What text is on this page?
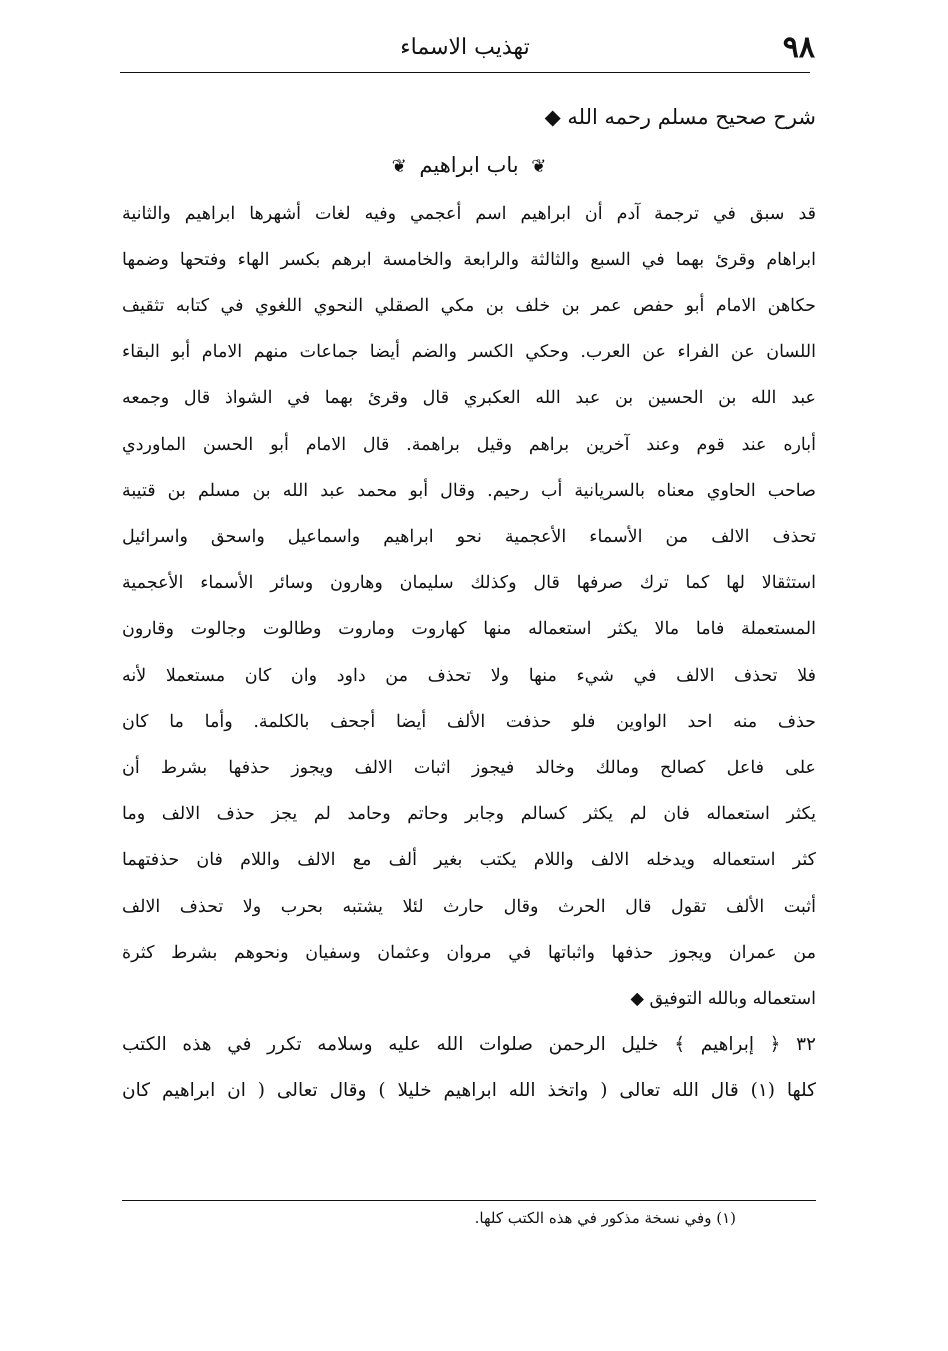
٩٨
تهذيب الاسماء

شرح صحيح مسلم رحمه الله ◆

❦ باب ابراهيم ❦

قد سبق في ترجمة آدم أن ابراهيم اسم أعجمي وفيه لغات أشهرها ابراهيم والثانية

ابراهام وقرئ بهما في السبع والثالثة والرابعة والخامسة ابرهم بكسر الهاء وفتحها وضمها

حكاهن الامام أبو حفص عمر بن خلف بن مكي الصقلي النحوي اللغوي في كتابه تثقيف

اللسان عن الفراء عن العرب. وحكي الكسر والضم أيضا جماعات منهم الامام أبو البقاء

عبد الله بن الحسين بن عبد الله العكبري قال وقرئ بهما في الشواذ قال وجمعه

أباره عند قوم وعند آخرين براهم وقيل براهمة. قال الامام أبو الحسن الماوردي

صاحب الحاوي معناه بالسريانية أب رحيم. وقال أبو محمد عبد الله بن مسلم بن قتيبة

تحذف الالف من الأسماء الأعجمية نحو ابراهيم واسماعيل واسحق واسرائيل

استثقالا لها كما ترك صرفها قال وكذلك سليمان وهارون وسائر الأسماء الأعجمية

المستعملة فاما مالا يكثر استعماله منها كهاروت وماروت وطالوت وجالوت وقارون

فلا تحذف الالف في شيء منها ولا تحذف من داود وان كان مستعملا لأنه

حذف منه احد الواوين فلو حذفت الألف أيضا أجحف بالكلمة. وأما ما كان

على فاعل كصالح ومالك وخالد فيجوز اثبات الالف ويجوز حذفها بشرط أن

يكثر استعماله فان لم يكثر كسالم وجابر وحاتم وحامد لم يجز حذف الالف وما

كثر استعماله ويدخله الالف واللام يكتب بغير ألف مع الالف واللام فان حذفتهما

أثبت الألف تقول قال الحرث وقال حارث لئلا يشتبه بحرب ولا تحذف الالف

من عمران ويجوز حذفها واثباتها في مروان وعثمان وسفيان ونحوهم بشرط كثرة

استعماله وبالله التوفيق ◆

٣٢ ﴿ إبراهيم ﴾ خليل الرحمن صلوات الله عليه وسلامه تكرر في هذه الكتب

كلها (١) قال الله تعالى ( واتخذ الله ابراهيم خليلا ) وقال تعالى ( ان ابراهيم كان

(١) وفي نسخة مذكور في هذه الكتب كلها.
